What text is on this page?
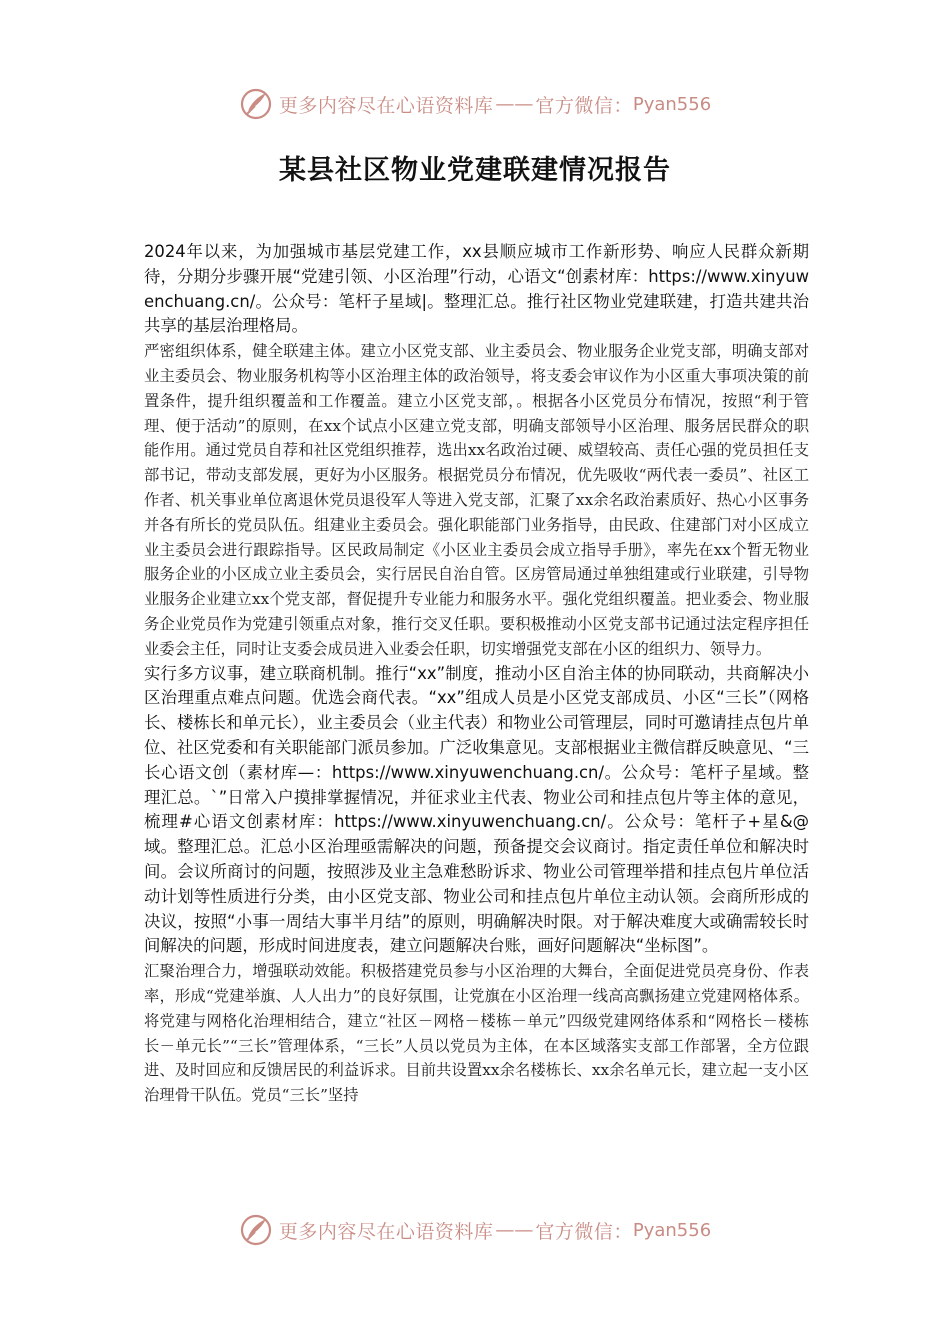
更多内容尽在心语资料库 —— 官方微信： Pyan556
某县社区物业党建联建情况报告

2024年以来，为加强城市基层党建工作，xx县顺应城市工作新形势、响应人民群众新期待，分期分步骤开展“党建引领、小区治理”行动，心语文“创素材库：https://www.xinyuwenchuang.cn/。公众号：笔杆子星域|。整理汇总。推行社区物业党建联建，打造共建共治共享的基层治理格局。

严密组织体系，健全联建主体。建立小区党支部、业主委员会、物业服务企业党支部，明确支部对业主委员会、物业服务机构等小区治理主体的政治领导，将支委会审议作为小区重大事项决策的前置条件，提升组织覆盖和工作覆盖。建立小区党支部，。根据各小区党员分布情况，按照“利于管理、便于活动”的原则，在xx个试点小区建立党支部，明确支部领导小区治理、服务居民群众的职能作用。通过党员自荐和社区党组织推荐，选出xx名政治过硬、威望较高、责任心强的党员担任支部书记，带动支部发展，更好为小区服务。根据党员分布情况，优先吸收“两代表一委员”、社区工作者、机关事业单位离退休党员退役军人等进入党支部，汇聚了xx余名政治素质好、热心小区事务并各有所长的党员队伍。组建业主委员会。强化职能部门业务指导，由民政、住建部门对小区成立业主委员会进行跟踪指导。区民政局制定《小区业主委员会成立指导手册》，率先在xx个暂无物业服务企业的小区成立业主委员会，实行居民自治自管。区房管局通过单独组建或行业联建，引导物业服务企业建立xx个党支部，督促提升专业能力和服务水平。强化党组织覆盖。把业委会、物业服务企业党员作为党建引领重点对象，推行交叉任职。要积极推动小区党支部书记通过法定程序担任业委会主任，同时让支委会成员进入业委会任职，切实增强党支部在小区的组织力、领导力。

实行多方议事，建立联商机制。推行“xx”制度，推动小区自治主体的协同联动，共商解决小区治理重点难点问题。优选会商代表。“xx”组成人员是小区党支部成员、小区“三长”（网格长、楼栋长和单元长），业主委员会（业主代表）和物业公司管理层，同时可邀请挂点包片单位、社区党委和有关职能部门派员参加。广泛收集意见。支部根据业主微信群反映意见、“三长心语文创（素材库—：https://www.xinyuwenchuang.cn/。公众号：笔杆子星域。整理汇总。`”日常入户摸排掌握情况，并征求业主代表、物业公司和挂点包片等主体的意见，梳理#心语文创素材库：https://www.xinyuwenchuang.cn/。公众号：笔杆子+星&@域。整理汇总。汇总小区治理亟需解决的问题，预备提交会议商讨。指定责任单位和解决时间。会议所商讨的问题，按照涉及业主急难愁盼诉求、物业公司管理举措和挂点包片单位活动计划等性质进行分类，由小区党支部、物业公司和挂点包片单位主动认领。会商所形成的决议，按照“小事一周结大事半月结”的原则，明确解决时限。对于解决难度大或确需较长时间解决的问题，形成时间进度表，建立问题解决台账，画好问题解决“坐标图”。

汇聚治理合力，增强联动效能。积极搭建党员参与小区治理的大舞台，全面促进党员亮身份、作表率，形成“党建举旗、人人出力”的良好氛围，让党旗在小区治理一线高高飘扬建立党建网格体系。将党建与网格化治理相结合，建立“社区－网格－楼栋－单元”四级党建网络体系和“网格长－楼栋长－单元长”“三长”管理体系，“三长”人员以党员为主体，在本区域落实支部工作部署，全方位跟进、及时回应和反馈居民的利益诉求。目前共设置xx余名楼栋长、xx余名单元长，建立起一支小区治理骨干队伍。党员“三长”坚持

更多内容尽在心语资料库 —— 官方微信： Pyan556
